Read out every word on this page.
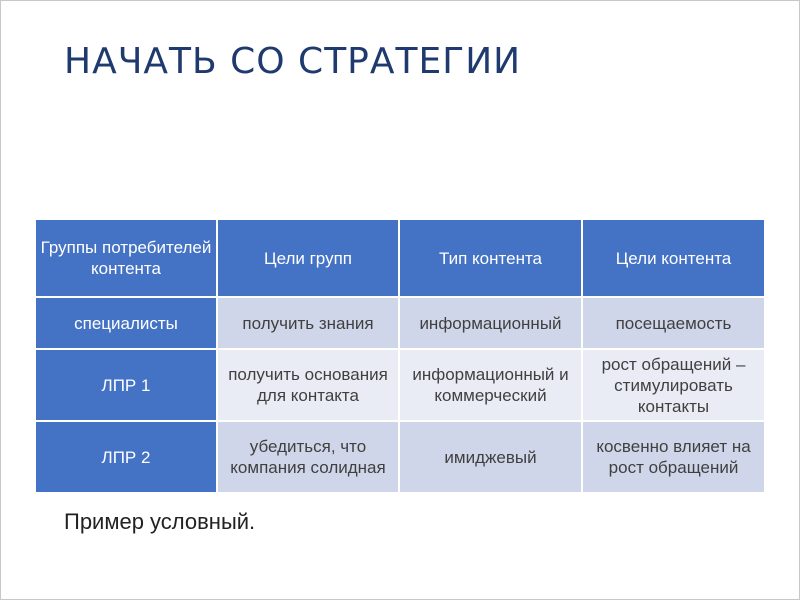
НАЧАТЬ СО СТРАТЕГИИ
Группы потребителей контента	Цели групп	Тип контента	Цели контента
специалисты	получить знания	информационный	посещаемость
ЛПР 1	получить основания для контакта	информационный и коммерческий	рост обращений – стимулировать контакты
ЛПР 2	убедиться, что компания солидная	имиджевый	косвенно влияет на рост обращений
Пример условный.
